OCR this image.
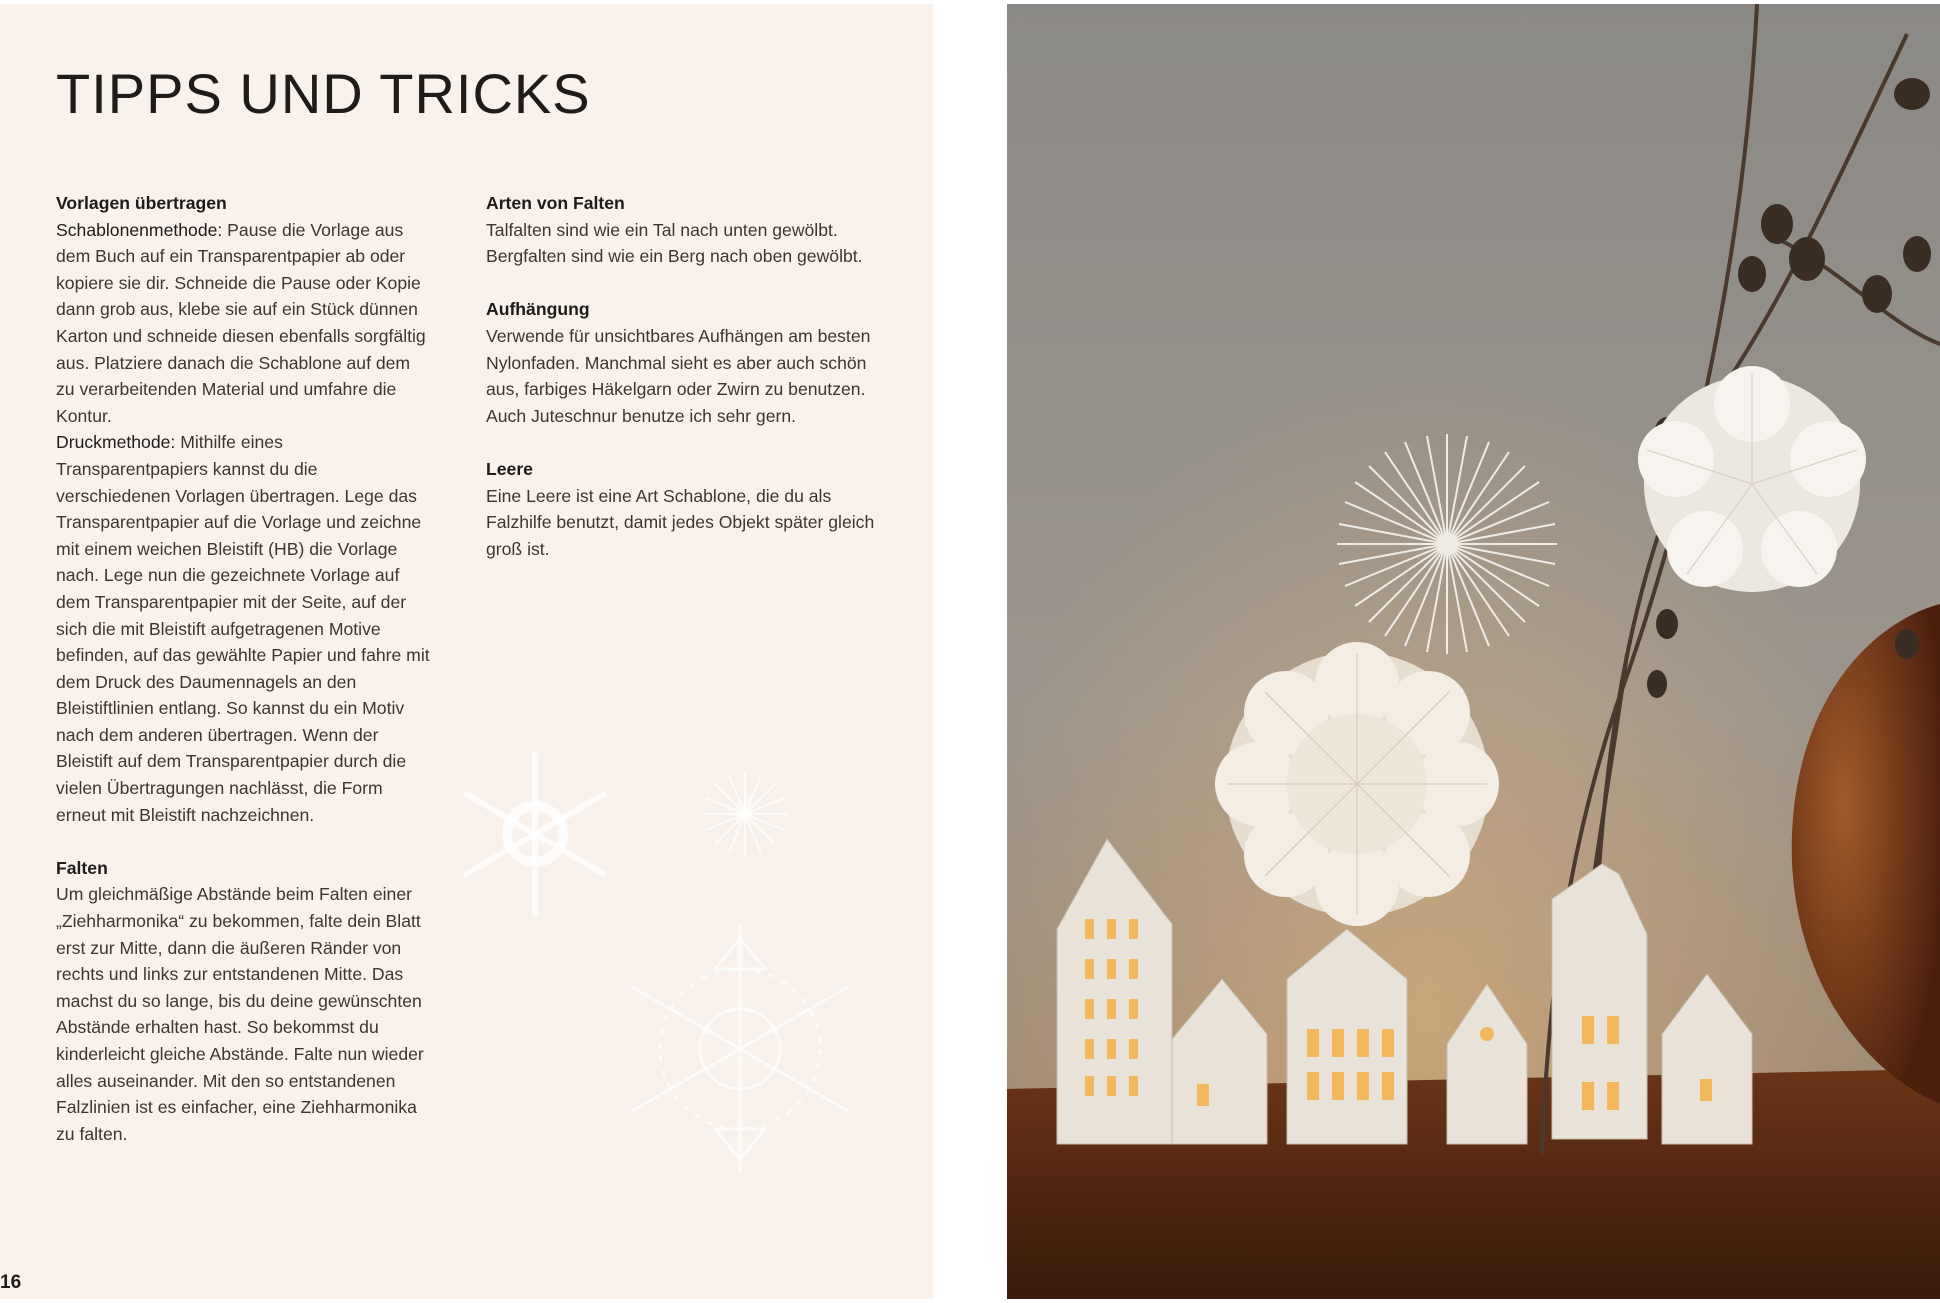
TIPPS UND TRICKS
Vorlagen übertragen

Schablonenmethode: Pause die Vorlage aus dem Buch auf ein Transparentpapier ab oder kopiere sie dir. Schneide die Pause oder Kopie dann grob aus, klebe sie auf ein Stück dünnen Karton und schneide diesen ebenfalls sorgfältig aus. Platziere danach die Schablone auf dem zu verarbeitenden Material und umfahre die Kontur.

Druckmethode: Mithilfe eines Transparentpapiers kannst du die verschiedenen Vorlagen übertragen. Lege das Transparentpapier auf die Vorlage und zeichne mit einem weichen Bleistift (HB) die Vorlage nach. Lege nun die gezeichnete Vorlage auf dem Transparentpapier mit der Seite, auf der sich die mit Bleistift aufgetragenen Motive befinden, auf das gewählte Papier und fahre mit dem Druck des Daumennagels an den Bleistiftlinien entlang. So kannst du ein Motiv nach dem anderen übertragen. Wenn der Bleistift auf dem Transparentpapier durch die vielen Übertragungen nachlässt, die Form erneut mit Bleistift nachzeichnen.

Falten

Um gleichmäßige Abstände beim Falten einer „Ziehharmonika“ zu bekommen, falte dein Blatt erst zur Mitte, dann die äußeren Ränder von rechts und links zur entstandenen Mitte. Das machst du so lange, bis du deine gewünschten Abstände erhalten hast. So bekommst du kinderleicht gleiche Abstände. Falte nun wieder alles auseinander. Mit den so entstandenen Falzlinien ist es einfacher, eine Ziehharmonika zu falten.

Arten von Falten

Talfalten sind wie ein Tal nach unten gewölbt. Bergfalten sind wie ein Berg nach oben gewölbt.

Aufhängung

Verwende für unsichtbares Aufhängen am besten Nylonfaden. Manchmal sieht es aber auch schön aus, farbiges Häkelgarn oder Zwirn zu benutzen. Auch Juteschnur benutze ich sehr gern.

Leere

Eine Leere ist eine Art Schablone, die du als Falzhilfe benutzt, damit jedes Objekt später gleich groß ist.

16
